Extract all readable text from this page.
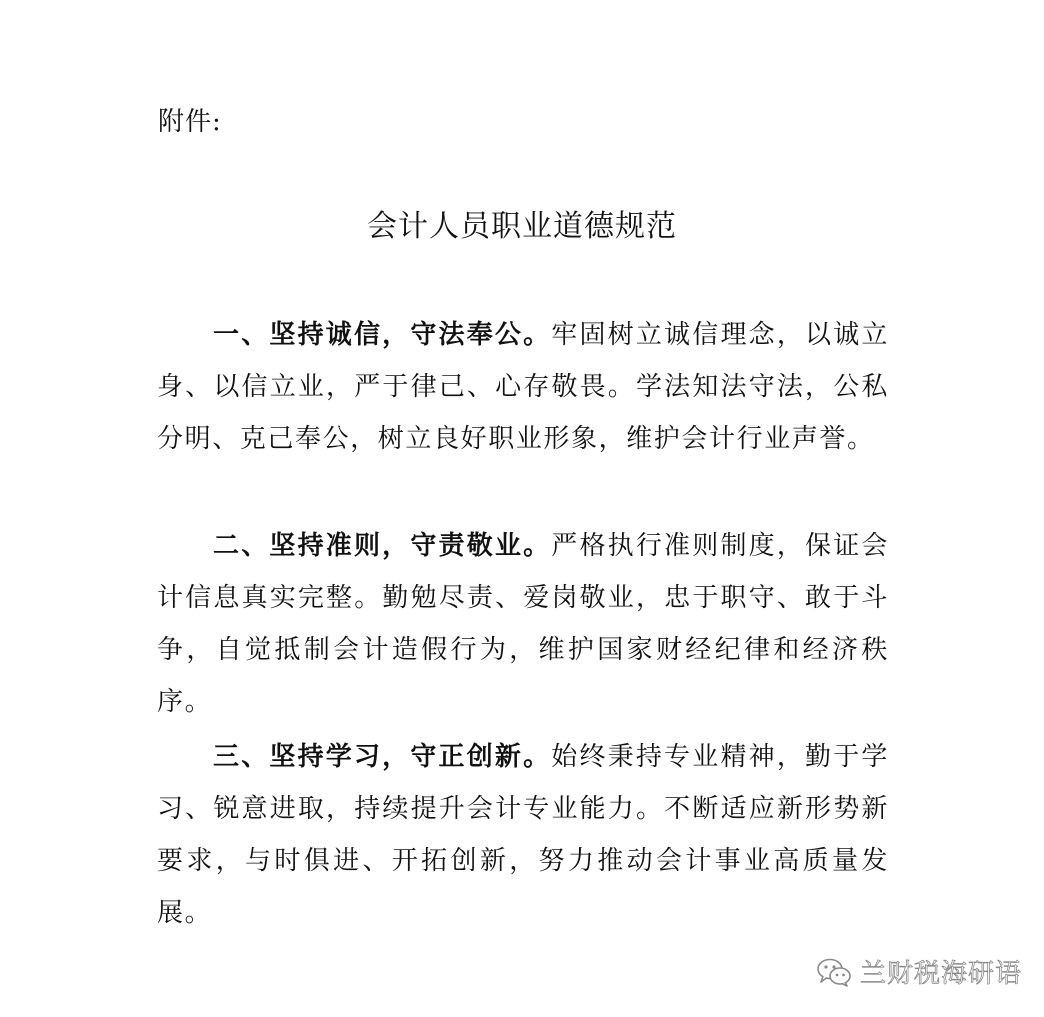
附件:
会计人员职业道德规范

一、坚持诚信，守法奉公。牢固树立诚信理念，以诚立身、以信立业，严于律己、心存敬畏。学法知法守法，公私分明、克己奉公，树立良好职业形象，维护会计行业声誉。

二、坚持准则，守责敬业。严格执行准则制度，保证会计信息真实完整。勤勉尽责、爱岗敬业，忠于职守、敢于斗争，自觉抵制会计造假行为，维护国家财经纪律和经济秩序。

三、坚持学习，守正创新。始终秉持专业精神，勤于学习、锐意进取，持续提升会计专业能力。不断适应新形势新要求，与时俱进、开拓创新，努力推动会计事业高质量发展。

兰财税海研语
